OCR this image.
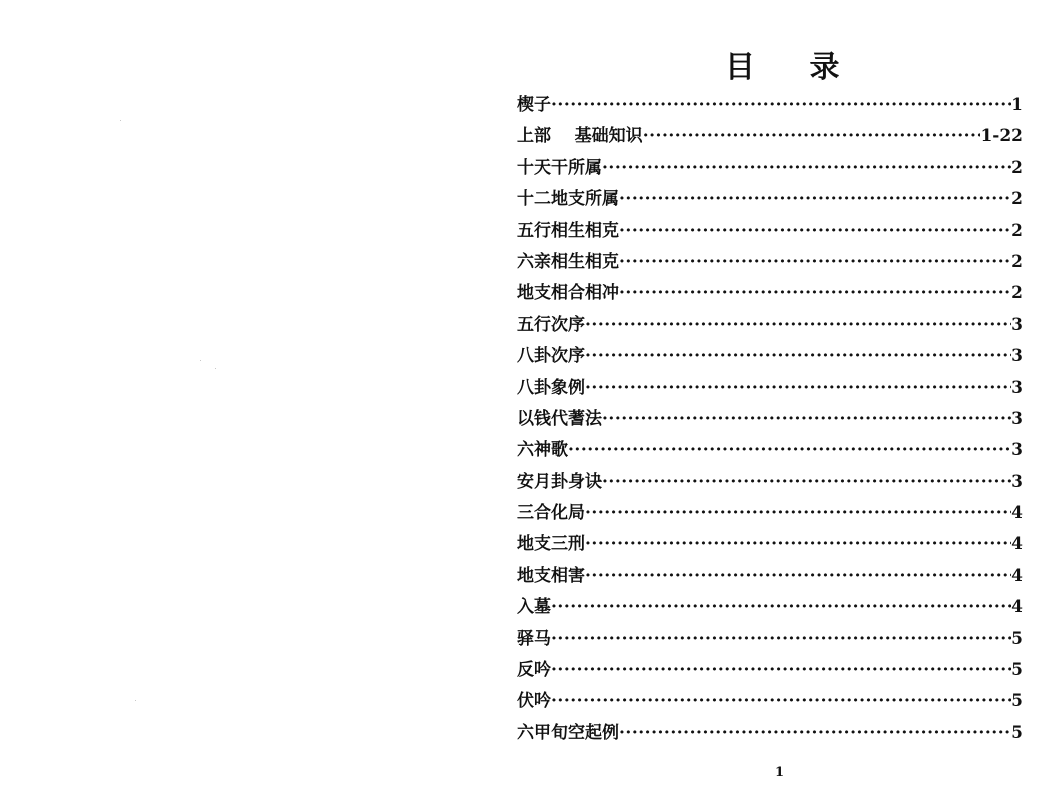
目 录
楔子 ·····	1
上部    基础知识 ·····	1-22
十天干所属 ·····	2
十二地支所属 ·····	2
五行相生相克 ·····	2
六亲相生相克 ·····	2
地支相合相冲 ·····	2
五行次序 ·····	3
八卦次序 ·····	3
八卦象例 ·····	3
以钱代蓍法 ·····	3
六神歌 ·····	3
安月卦身诀 ·····	3
三合化局 ·····	4
地支三刑 ·····	4
地支相害 ·····	4
入墓 ·····	4
驿马 ·····	5
反吟 ·····	5
伏吟 ·····	5
六甲旬空起例 ·····	5
1
